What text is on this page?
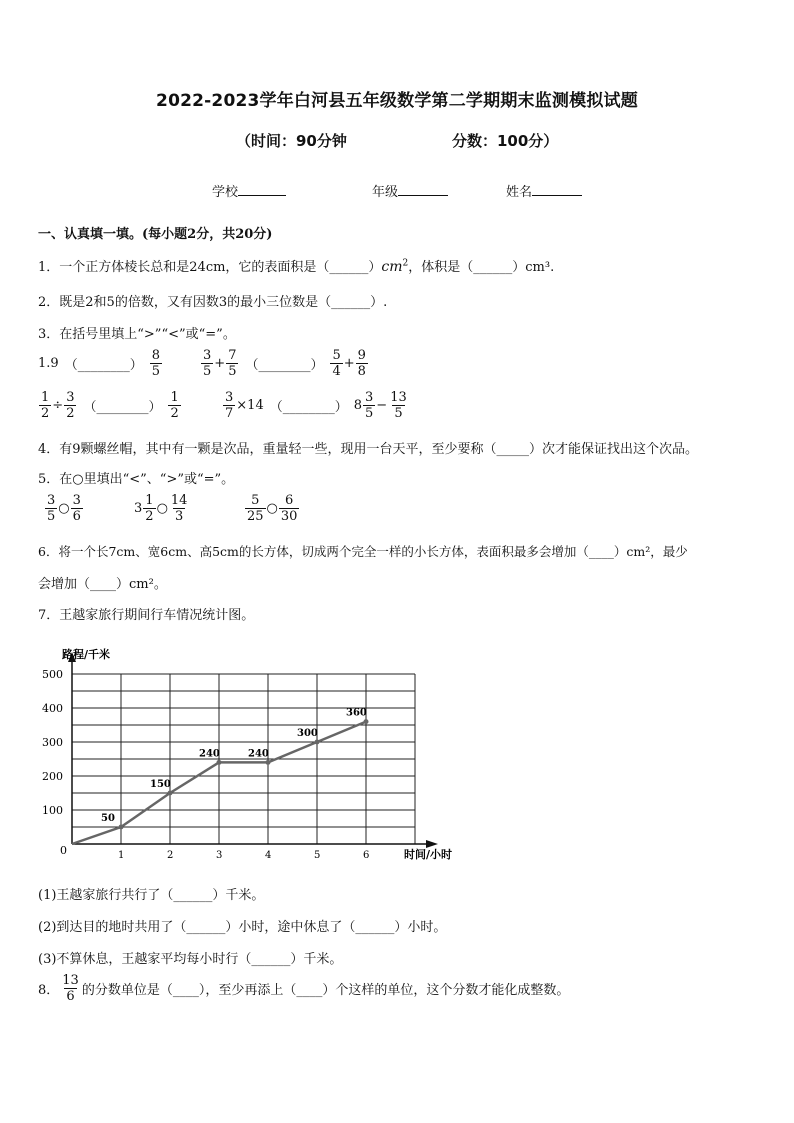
2022-2023学年白河县五年级数学第二学期期末监测模拟试题
（时间：90分钟	分数：100分）
学校	年级	姓名
一、认真填一填。(每小题2分，共20分)
1．一个正方体棱长总和是24cm，它的表面积是$(\_\_\_\_\_\_)cm^2$，体积是（______）cm³.
2．既是2和5的倍数，又有因数3的最小三位数是（______）.
3．在括号里填上“>”“<”或“=”。
1.9 （________） $\frac{8}{5}$	$\frac{3}{5} + \frac{7}{5}$ （________） $\frac{5}{4} + \frac{9}{8}$
$\frac{1}{2} \div \frac{3}{2}$ （________） $\frac{1}{2}$	$\frac{3}{7} \times 14$ （________） $8 \frac{3}{5} - \frac{13}{5}$
4．有9颗螺丝帽，其中有一颗是次品，重量轻一些，现用一台天平，至少要称（_____）次才能保证找出这个次品。
5．在○里填出“<”、“>”或“=”。
$\frac{3}{5}$ ○ $\frac{3}{6}$	$3 \frac{1}{2}$ ○ $\frac{14}{3}$	$\frac{5}{25}$ ○ $\frac{6}{30}$
6．将一个长7cm、宽6cm、高5cm的长方体，切成两个完全一样的小长方体，表面积最多会增加（____）cm²，最少
会增加（____）cm²。
7．王越家旅行期间行车情况统计图。
100
200
300
400
500
1	2	3	4	5	6
0
50
150
240	240
300
360
路程/千米
时间/小时
(1)王越家旅行共行了（______）千米。
(2)到达目的地时共用了（______）小时，途中休息了（______）小时。
(3)不算休息，王越家平均每小时行（______）千米。
8． $\frac{13}{6}$ 的分数单位是（____），至少再添上（____）个这样的单位，这个分数才能化成整数。
